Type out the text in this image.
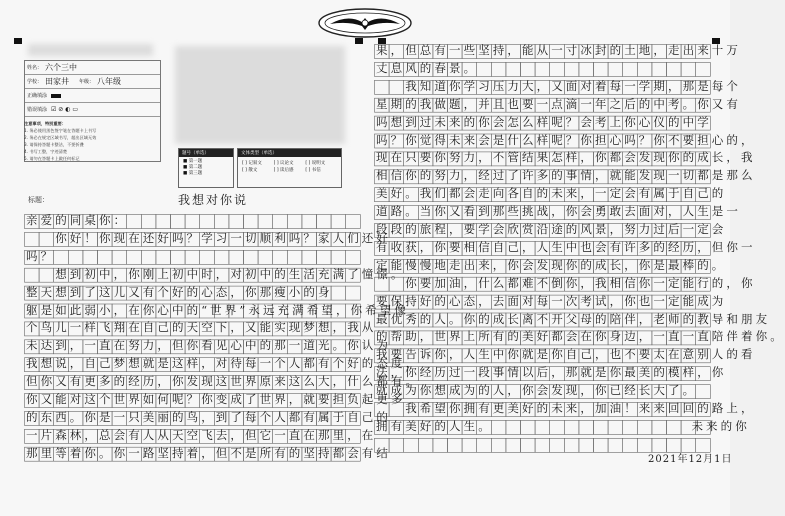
姓名： 六个三中
学校： 田家井 年级： 八年级
正确填涂
错误填涂 ☑ ⊘ ◐ ▭
注意事项，特别重要：
1. 务必使用黑色签字笔在答题卡上书写
2. 务必在规定区域书写，超出区域无效
3. 请保持答题卡整洁，不要折叠
4. 书写工整，字迹清楚
5. 请勿在答题卡上做任何标记
题号（单选）
■ 第一题
■ 第二题
■ 第三题
文体类型（单选）
[ ] 记叙文	[ ] 议论文	[ ] 说明文
[ ] 散文	[ ] 读后感	[ ] 书信
标题：	我想对你说
亲爱的同桌你：
　　你好！你现在还好吗？学习一切顺利吗？家人们还好
吗？
　　想到初中，你刚上初中时，对初中的生活充满了憧憬。
整天想到了这儿又有个好的心态，你那瘦小的身
躯是如此弱小，在你心中的“世界”永远充满希望，你希望像
个鸟儿一样飞翔在自己的天空下，又能实现梦想，我从
未达到，一直在努力，但你看见心中的那一道光。你认为
我想说，自己梦想就是这样，对待每一个人都有个好的态度，
但你又有更多的经历，你发现这世界原来这么大，什么都有。
你又能对这个世界如何呢？你变成了世界，就要担负起更多
的东西。你是一只美丽的鸟，到了每个人都有属于自己的
一片森林，总会有人从天空飞去，但它一直在那里，在
那里等着你。你一路坚持着，但不是所有的坚持都会有结
果，但总有一些坚持，能从一寸冰封的土地，走出来十万
丈息风的春景。
　　我知道你学习压力大，又面对着每一学期，那是每个
星期的我做题，并且也要一点滴一年之后的中考。你又有
吗想到过未来的你会怎么样呢？会考上你心仪的中学
吗？你觉得未来会是什么样呢？你担心吗？你不要担心的，
现在只要你努力，不管结果怎样，你都会发现你的成长，我
相信你的努力，经过了许多的事情，就能发现一切都是那么
美好。我们都会走向各自的未来，一定会有属于自己的
道路。当你又看到那些挑战，你会勇敢去面对，人生是一
段段的旅程，要学会欣赏沿途的风景，努力过后一定会
有收获，你要相信自己，人生中也会有许多的经历，但你一
定能慢慢地走出来，你会发现你的成长，你是最棒的。
　　你要加油，什么都难不倒你，我相信你一定能行的，你
要保持好的心态，去面对每一次考试，你也一定能成为
最优秀的人。你的成长离不开父母的陪伴，老师的教导和朋友
的帮助，世界上所有的美好都会在你身边，一直一直陪伴着你。
我要告诉你，人生中你就是你自己，也不要太在意别人的看
法，你经历过一段事情以后，那就是你最美的模样，你
就成为你想成为的人，你会发现，你已经长大了。
　　我希望你拥有更美好的未来，加油！来来回回的路上，
拥有美好的人生。　　　　　　　　　　　　　　未来的你
2021年12月1日
